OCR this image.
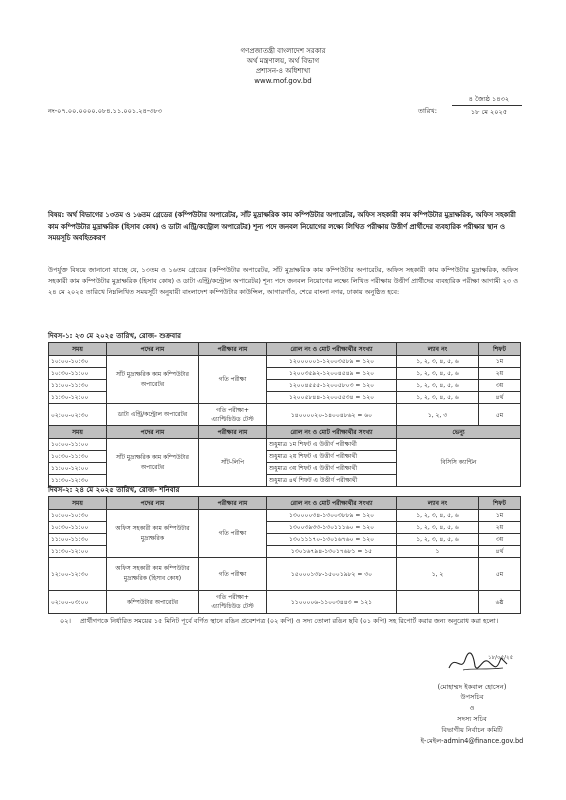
গণপ্রজাতন্ত্রী বাংলাদেশ সরকার
অর্থ মন্ত্রণালয়, অর্থ বিভাগ
প্রশাসন-৪ অধিশাখা
www.mof.gov.bd
নং-০৭.০০.০০০০.০৮৪.১১.০০১.২৪-৩৮৩	তারিখ:
৪ জ্যৈষ্ঠ ১৪৩২
১৮ মে ২০২৫
বিষয়: অর্থ বিভাগের ১৩তম ও ১৬তম গ্রেডের (কম্পিউটার অপারেটর, সাঁট মুদ্রাক্ষরিক কাম কম্পিউটার অপারেটর, অফিস সহকারী কাম কম্পিউটার মুদ্রাক্ষরিক, অফিস সহকারী কাম কম্পিউটার মুদ্রাক্ষরিক (হিসাব কোষ) ও ডাটা এন্ট্রি/কন্ট্রোল অপারেটর) শূন্য পদে জনবল নিয়োগের লক্ষ্যে লিখিত পরীক্ষায় উত্তীর্ণ প্রার্থীদের ব্যবহারিক পরীক্ষার স্থান ও সময়সূচি অবহিতকরণ
উপর্যুক্ত বিষয়ে জানানো যাচ্ছে যে, ১৩তম ও ১৬তম গ্রেডের (কম্পিউটার অপারেটর, সাঁট মুদ্রাক্ষরিক কাম কম্পিউটার অপারেটর, অফিস সহকারী কাম কম্পিউটার মুদ্রাক্ষরিক, অফিস সহকারী কাম কম্পিউটার মুদ্রাক্ষরিক (হিসাব কোষ) ও ডাটা এন্ট্রি/কন্ট্রোল অপারেটর) শূন্য পদে জনবল নিয়োগের লক্ষ্যে লিখিত পরীক্ষায় উত্তীর্ণ প্রার্থীদের ব্যবহারিক পরীক্ষা আগামী ২৩ ও ২৪ মে ২০২৫ তারিখে নিম্নলিখিত সময়সূচী অনুযায়ী বাংলাদেশ কম্পিউটার কাউন্সিল, আগারগাঁও, শেরে বাংলা নগর, ঢাকায় অনুষ্ঠিত হবে:
দিবস-১: ২৩ মে ২০২৫ তারিখ, রোজ- শুক্রবার
সময়	পদের নাম	পরীক্ষার নাম	রোল নং ও মোট পরীক্ষার্থীর সংখ্যা	ল্যাব নং	শিফট
১০:০০-১০:৩০	সাঁট মুদ্রাক্ষরিক কাম কম্পিউটার অপারেটর	গতি পরীক্ষা	১২০০০০০১-১২০০৩৫৮৯ = ১২০	১, ২, ৩, ৪, ৫, ৬	১ম
১০:৩০-১১:০০			১২০০৩৫৯২-১২০০৪৫৪৯ = ১২০	১, ২, ৩, ৪, ৫, ৬	২য়
১১:০০-১১:৩০			১২০০৪৫৫৫-১২০০৫৮০৩ = ১২০	১, ২, ৩, ৪, ৫, ৬	৩য়
১১:৩০-১২:০০			১২০০৫৮৪৪-১২০০৫৫৩৪ = ১২০	১, ২, ৩, ৪, ৫, ৬	৪র্থ
০২:০০-০২:৩০	ডাটা এন্ট্রি/কন্ট্রোল অপারেটর	গতি পরীক্ষা+ এ্যাপ্টিচিউড টেস্ট	১৪০০০০২০-১৪০০৪৮৬২ = ৬০	১, ২, ৩	৫ম
সময়	পদের নাম	পরীক্ষার নাম	রোল নং ও মোট পরীক্ষার্থীর সংখ্যা	ভেন্যু
১০:০০-১১:০০	সাঁট মুদ্রাক্ষরিক কাম কম্পিউটার অপারেটর	সাঁট-লিপি	শুধুমাত্র ১ম শিফট এ উত্তীর্ণ পরীক্ষার্থী	বিসিসি ক্যান্টিন
১০:৩০-১১:৩০			শুধুমাত্র ২য় শিফট এ উত্তীর্ণ পরীক্ষার্থী	
১১:০০-১২:০০			শুধুমাত্র ৩য় শিফট এ উত্তীর্ণ পরীক্ষার্থী	
১১:৩০-১২:৩০			শুধুমাত্র ৪র্থ শিফট এ উত্তীর্ণ পরীক্ষার্থী	
দিবস-২: ২৪ মে ২০২৫ তারিখ, রোজ- শনিবার
সময়	পদের নাম	পরীক্ষার নাম	রোল নং ও মোট পরীক্ষার্থীর সংখ্যা	ল্যাব নং	শিফট
১০:০০-১০:৩০	অফিস সহকারী কাম কম্পিউটার মুদ্রাক্ষরিক	গতি পরীক্ষা	১৩০০০০৩৪-১৩০০৩৮৮৯ = ১২০	১, ২, ৩, ৪, ৫, ৬	১ম
১০:৩০-১১:০০			১৩০০৩৯৩৩-১৩০১১১৬০ = ১২০	১, ২, ৩, ৪, ৫, ৬	২য়
১১:০০-১১:৩০			১৩০১১১৭০-১৩০১৬৭৬০ = ১২০	১, ২, ৩, ৪, ৫, ৬	৩য়
১১:৩০-১২:০০			১৩০১৬৭৯৪-১৩০১৭৬৮১ = ১৫	১	৪র্থ
১২:০০-১২:৩০	অফিস সহকারী কাম কম্পিউটার মুদ্রাক্ষরিক (হিসাব কোষ)	গতি পরীক্ষা	১৫০০০১৩৮-১৫০০১৯৮২ = ৩০	১, ২	৫ম
০২:০০-০৩:০০	কম্পিউটার অপারেটর	গতি পরীক্ষা+ এ্যাপ্টিচিউড টেস্ট	১১০০০০৬-১১০০৩৪৪৩ = ১২১		৬ষ্ঠ
০২। প্রার্থীগণকে নির্ধারিত সময়ের ১৫ মিনিট পূর্বে বর্ণিত স্থানে রঙিন প্রবেশপত্র (০২ কপি) ও সদ্য তোলা রঙিন ছবি (০১ কপি) সহ রিপোর্ট করার জন্য অনুরোধ করা হলো।
১৮/০৫/২৫
(মোহাম্মদ ইকবাল হোসেন)
উপসচিব
ও
সদস্য সচিব
বিভাগীয় নির্বাচন কমিটি
ই-মেইল-admin4@finance.gov.bd
